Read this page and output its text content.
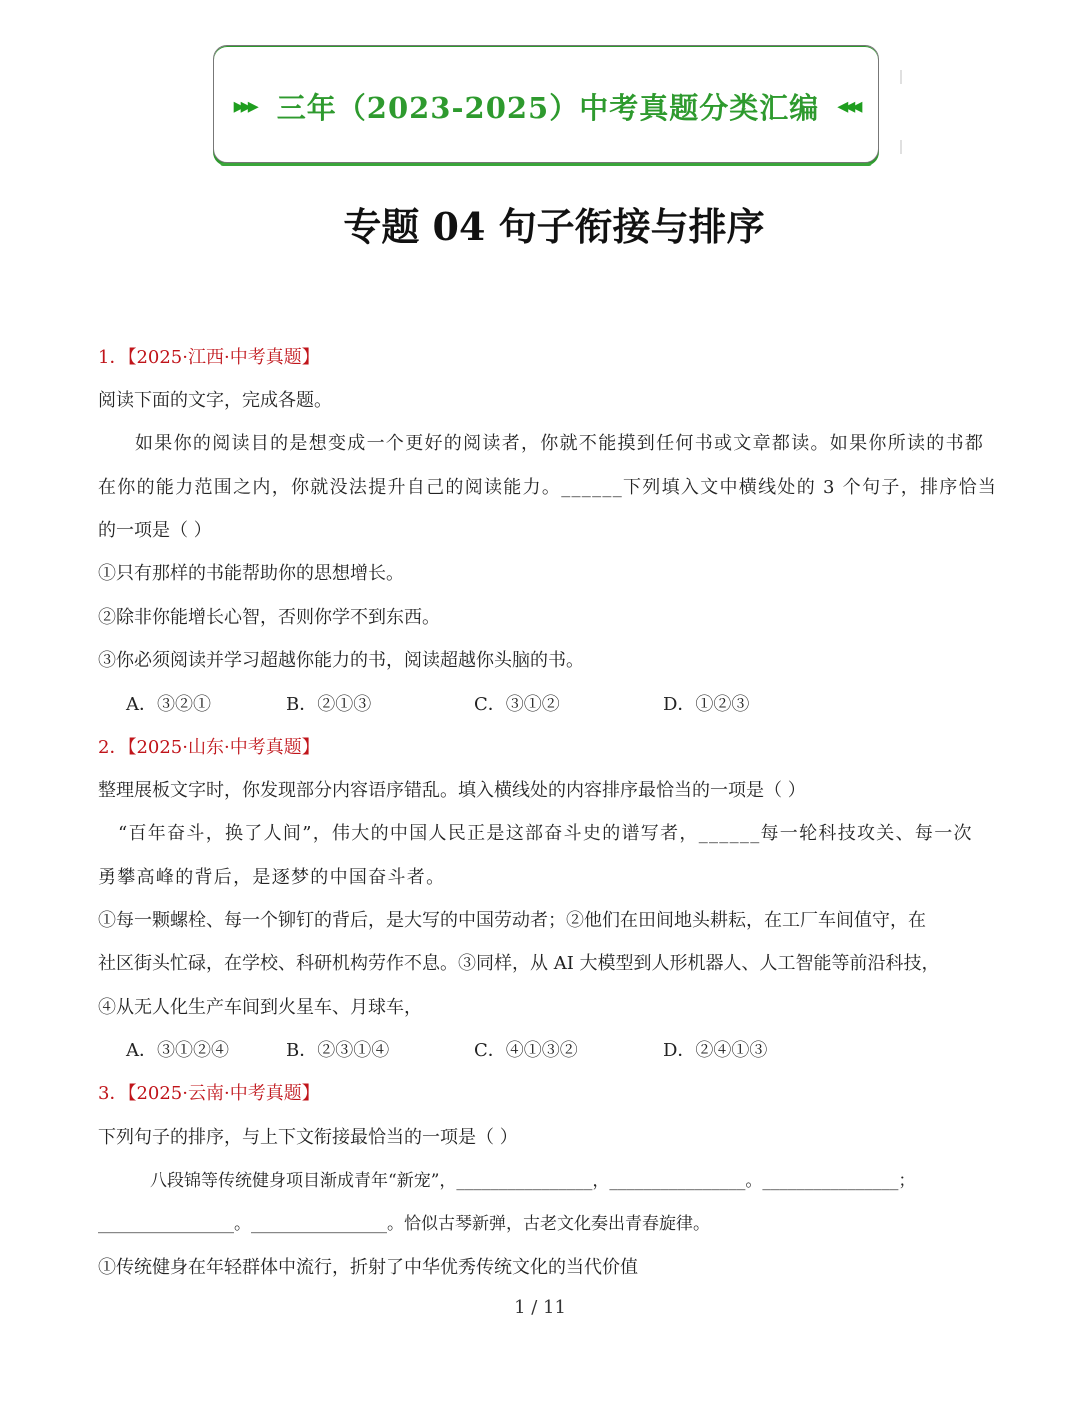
▸▸▸ 三年（2023-2025）中考真题分类汇编 ◂◂◂
专题 04 句子衔接与排序
1．【2025·江西·中考真题】
阅读下面的文字，完成各题。
如果你的阅读目的是想变成一个更好的阅读者，你就不能摸到任何书或文章都读。如果你所读的书都
在你的能力范围之内，你就没法提升自己的阅读能力。______下列填入文中横线处的 3 个句子，排序恰当
的一项是（ ）
①只有那样的书能帮助你的思想增长。
②除非你能增长心智，否则你学不到东西。
③你必须阅读并学习超越你能力的书，阅读超越你头脑的书。
A．③②①	B．②①③	C．③①②	D．①②③
2．【2025·山东·中考真题】
整理展板文字时，你发现部分内容语序错乱。填入横线处的内容排序最恰当的一项是（ ）
“百年奋斗，换了人间”，伟大的中国人民正是这部奋斗史的谱写者，______每一轮科技攻关、每一次
勇攀高峰的背后，是逐梦的中国奋斗者。
①每一颗螺栓、每一个铆钉的背后，是大写的中国劳动者；②他们在田间地头耕耘，在工厂车间值守，在
社区街头忙碌，在学校、科研机构劳作不息。③同样，从 AI 大模型到人形机器人、人工智能等前沿科技，
④从无人化生产车间到火星车、月球车，
A．③①②④	B．②③①④	C．④①③②	D．②④①③
3．【2025·云南·中考真题】
下列句子的排序，与上下文衔接最恰当的一项是（ ）
八段锦等传统健身项目渐成青年“新宠”，________________，________________。________________；
________________。________________。恰似古琴新弹，古老文化奏出青春旋律。
①传统健身在年轻群体中流行，折射了中华优秀传统文化的当代价值
1 / 11
